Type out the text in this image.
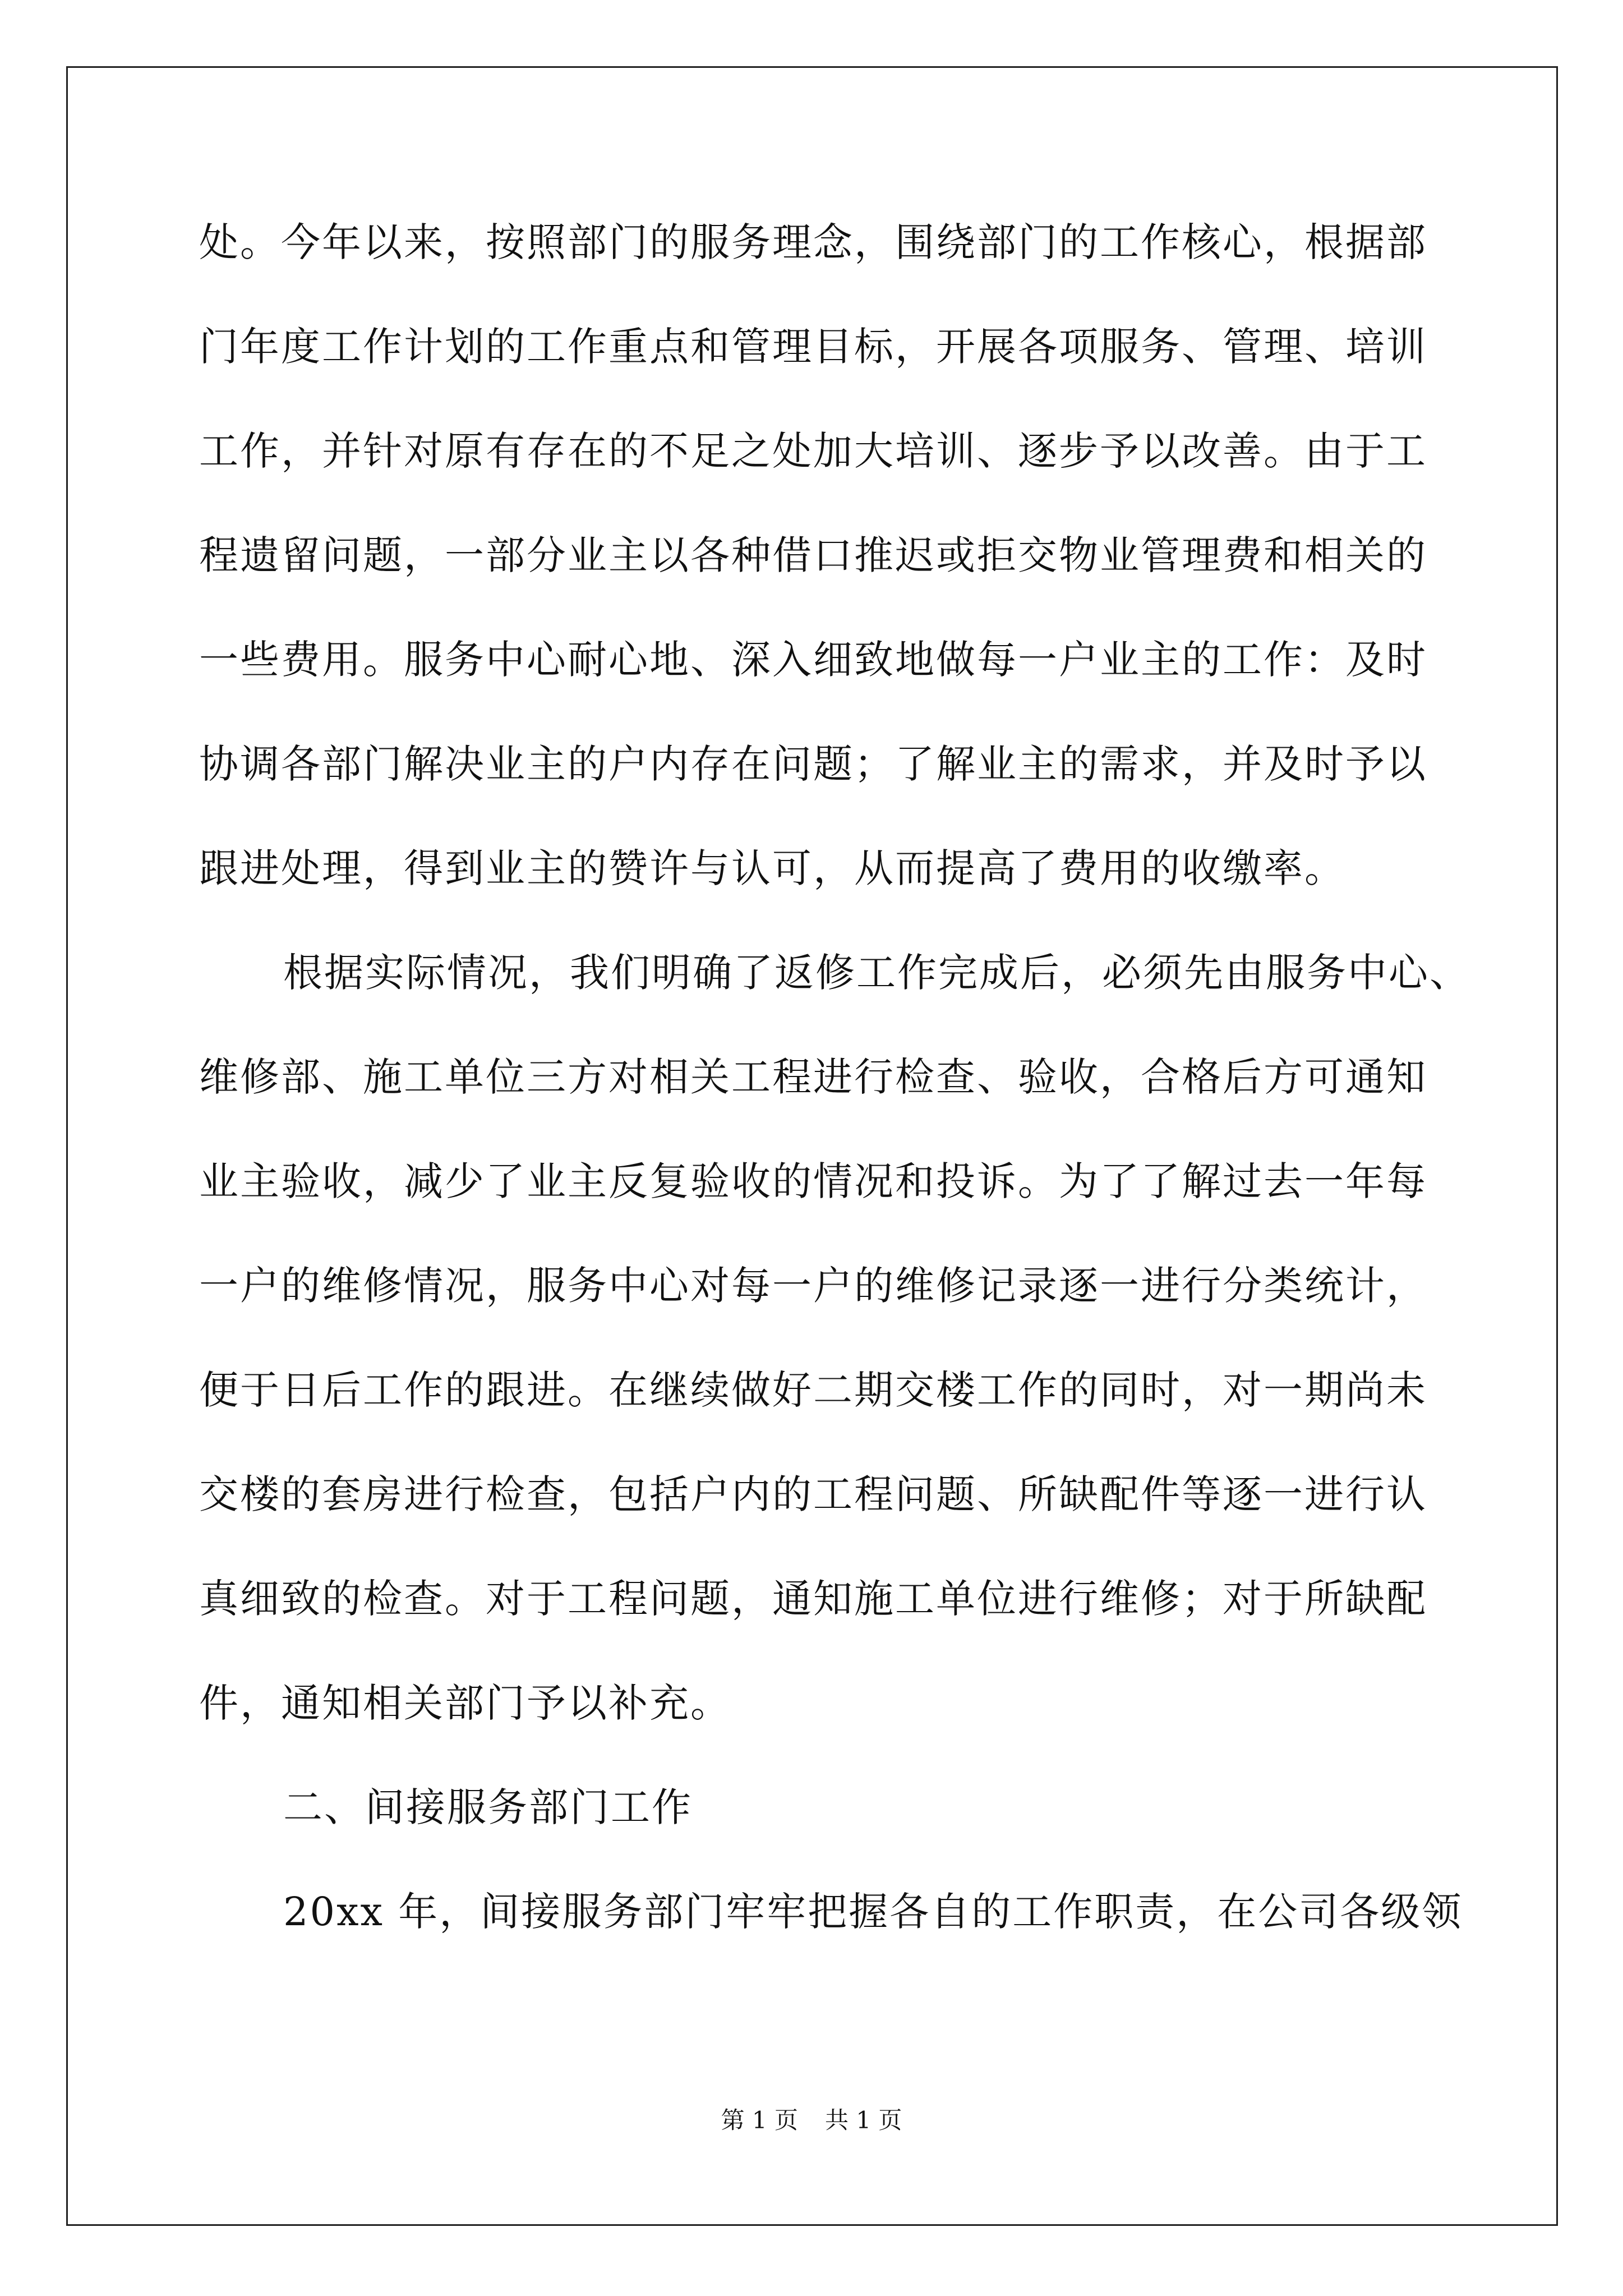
处。今年以来，按照部门的服务理念，围绕部门的工作核心，根据部
门年度工作计划的工作重点和管理目标，开展各项服务、管理、培训
工作，并针对原有存在的不足之处加大培训、逐步予以改善。由于工
程遗留问题，一部分业主以各种借口推迟或拒交物业管理费和相关的
一些费用。服务中心耐心地、深入细致地做每一户业主的工作：及时
协调各部门解决业主的户内存在问题；了解业主的需求，并及时予以
跟进处理，得到业主的赞许与认可，从而提高了费用的收缴率。
根据实际情况，我们明确了返修工作完成后，必须先由服务中心、
维修部、施工单位三方对相关工程进行检查、验收，合格后方可通知
业主验收，减少了业主反复验收的情况和投诉。为了了解过去一年每
一户的维修情况，服务中心对每一户的维修记录逐一进行分类统计，
便于日后工作的跟进。在继续做好二期交楼工作的同时，对一期尚未
交楼的套房进行检查，包括户内的工程问题、所缺配件等逐一进行认
真细致的检查。对于工程问题，通知施工单位进行维修；对于所缺配
件，通知相关部门予以补充。
二、间接服务部门工作
20xx 年，间接服务部门牢牢把握各自的工作职责，在公司各级领
第 1 页 共 1 页
